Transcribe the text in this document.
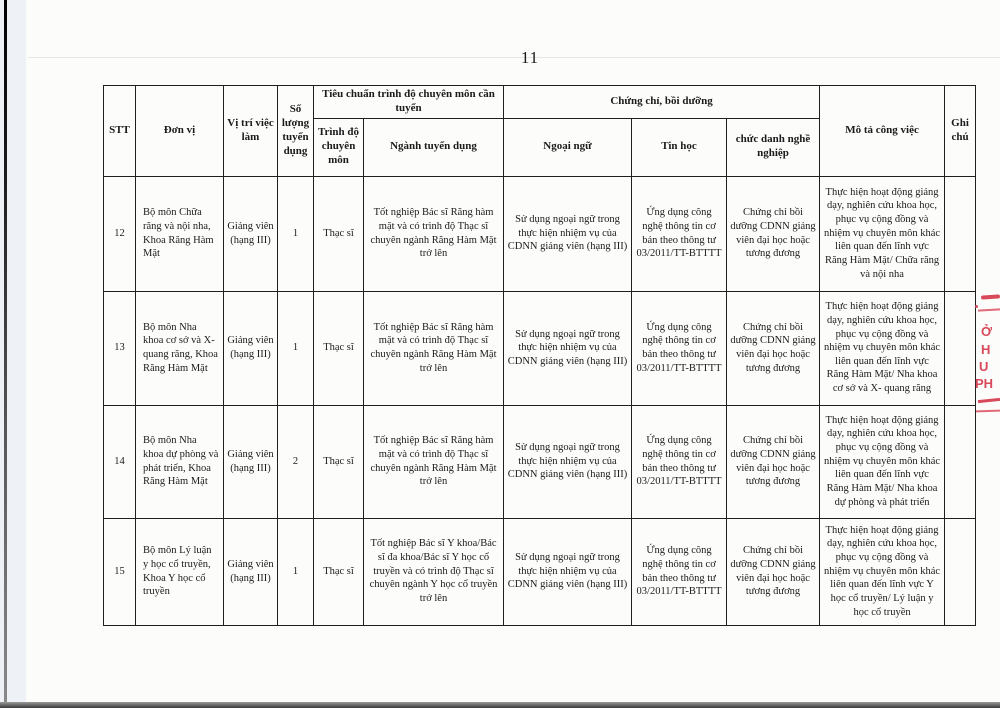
11
STT	Đơn vị	Vị trí việc làm	Số lượng tuyển dụng	Tiêu chuẩn trình độ chuyên môn cần tuyển		Chứng chỉ, bồi dưỡng			Mô tả công việc	Ghi chú
				Trình độ chuyên môn	Ngành tuyển dụng	Ngoại ngữ	Tin học	chức danh nghề nghiệp		
12	Bộ môn Chữa răng và nội nha, Khoa Răng Hàm Mặt	Giảng viên (hạng III)	1	Thạc sĩ	Tốt nghiệp Bác sĩ Răng hàm mặt và có trình độ Thạc sĩ chuyên ngành Răng Hàm Mặt trở lên	Sử dụng ngoại ngữ trong thực hiện nhiệm vụ của CDNN giảng viên (hạng III)	Ứng dụng công nghệ thông tin cơ bản theo thông tư 03/2011/TT-BTTTT	Chứng chỉ bồi dưỡng CDNN giảng viên đại học hoặc tương đương	Thực hiện hoạt động giảng dạy, nghiên cứu khoa học, phục vụ cộng đồng và nhiệm vụ chuyên môn khác liên quan đến lĩnh vực Răng Hàm Mặt/ Chữa răng và nội nha	
13	Bộ môn Nha khoa cơ sở và X-quang răng, Khoa Răng Hàm Mặt	Giảng viên (hạng III)	1	Thạc sĩ	Tốt nghiệp Bác sĩ Răng hàm mặt và có trình độ Thạc sĩ chuyên ngành Răng Hàm Mặt trở lên	Sử dụng ngoại ngữ trong thực hiện nhiệm vụ của CDNN giảng viên (hạng III)	Ứng dụng công nghệ thông tin cơ bản theo thông tư 03/2011/TT-BTTTT	Chứng chỉ bồi dưỡng CDNN giảng viên đại học hoặc tương đương	Thực hiện hoạt động giảng dạy, nghiên cứu khoa học, phục vụ cộng đồng và nhiệm vụ chuyên môn khác liên quan đến lĩnh vực Răng Hàm Mặt/ Nha khoa cơ sở và X- quang răng	
14	Bộ môn Nha khoa dự phòng và phát triển, Khoa Răng Hàm Mặt	Giảng viên (hạng III)	2	Thạc sĩ	Tốt nghiệp Bác sĩ Răng hàm mặt và có trình độ Thạc sĩ chuyên ngành Răng Hàm Mặt trở lên	Sử dụng ngoại ngữ trong thực hiện nhiệm vụ của CDNN giảng viên (hạng III)	Ứng dụng công nghệ thông tin cơ bản theo thông tư 03/2011/TT-BTTTT	Chứng chỉ bồi dưỡng CDNN giảng viên đại học hoặc tương đương	Thực hiện hoạt động giảng dạy, nghiên cứu khoa học, phục vụ cộng đồng và nhiệm vụ chuyên môn khác liên quan đến lĩnh vực Răng Hàm Mặt/ Nha khoa dự phòng và phát triển	
15	Bộ môn Lý luận y học cổ truyền, Khoa Y học cổ truyền	Giảng viên (hạng III)	1	Thạc sĩ	Tốt nghiệp Bác sĩ Y khoa/Bác sĩ đa khoa/Bác sĩ Y học cổ truyền và có trình độ Thạc sĩ chuyên ngành Y học cổ truyền trở lên	Sử dụng ngoại ngữ trong thực hiện nhiệm vụ của CDNN giảng viên (hạng III)	Ứng dụng công nghệ thông tin cơ bản theo thông tư 03/2011/TT-BTTTT	Chứng chỉ bồi dưỡng CDNN giảng viên đại học hoặc tương đương	Thực hiện hoạt động giảng dạy, nghiên cứu khoa học, phục vụ cộng đồng và nhiệm vụ chuyên môn khác liên quan đến lĩnh vực Y học cổ truyền/ Lý luận y học cổ truyền	
Ở
H
U
PH
